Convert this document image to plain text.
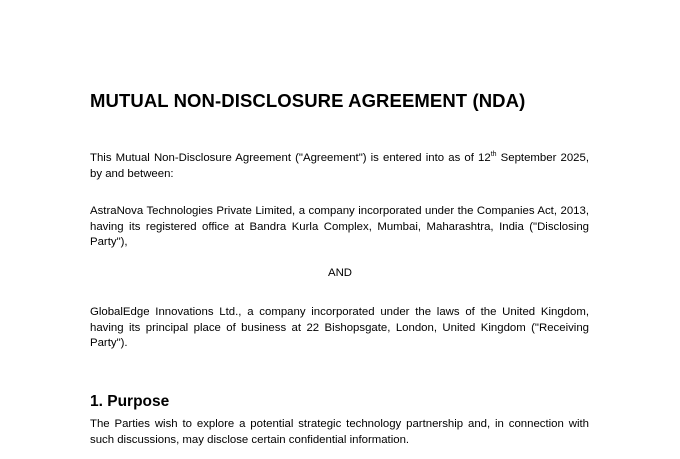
MUTUAL NON-DISCLOSURE AGREEMENT (NDA)

This Mutual Non-Disclosure Agreement ("Agreement") is entered into as of 12th September 2025, by and between:

AstraNova Technologies Private Limited, a company incorporated under the Companies Act, 2013, having its registered office at Bandra Kurla Complex, Mumbai, Maharashtra, India ("Disclosing Party"),

AND

GlobalEdge Innovations Ltd., a company incorporated under the laws of the United Kingdom, having its principal place of business at 22 Bishopsgate, London, United Kingdom ("Receiving Party").

1. Purpose

The Parties wish to explore a potential strategic technology partnership and, in connection with such discussions, may disclose certain confidential information.
